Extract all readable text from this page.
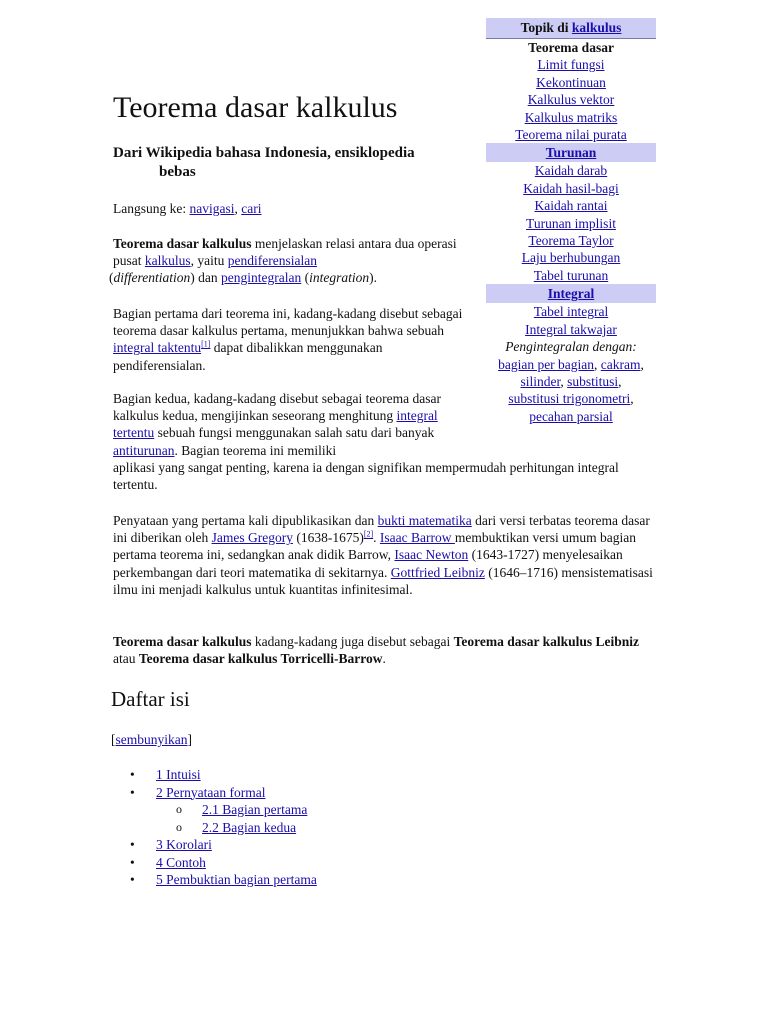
Topik di kalkulus
Teorema dasar
Limit fungsi
Kekontinuan
Kalkulus vektor
Kalkulus matriks
Teorema nilai purata
Turunan
Kaidah darab
Kaidah hasil-bagi
Kaidah rantai
Turunan implisit
Teorema Taylor
Laju berhubungan
Tabel turunan
Integral
Tabel integral
Integral takwajar
Pengintegralan dengan:
bagian per bagian, cakram,
silinder, substitusi,
substitusi trigonometri,
pecahan parsial
Teorema dasar kalkulus
Dari Wikipedia bahasa Indonesia, ensiklopedia
bebas
Langsung ke: navigasi, cari

Teorema dasar kalkulus menjelaskan relasi antara dua operasi pusat kalkulus, yaitu pendiferensialan
(differentiation) dan pengintegralan (integration).

Bagian pertama dari teorema ini, kadang-kadang disebut sebagai teorema dasar kalkulus pertama, menunjukkan bahwa sebuah integral taktentu[1] dapat dibalikkan menggunakan pendiferensialan.

Bagian kedua, kadang-kadang disebut sebagai teorema dasar kalkulus kedua, mengijinkan seseorang menghitung integral tertentu sebuah fungsi menggunakan salah satu dari banyak antiturunan. Bagian teorema ini memiliki
aplikasi yang sangat penting, karena ia dengan signifikan mempermudah perhitungan integral tertentu.

Penyataan yang pertama kali dipublikasikan dan bukti matematika dari versi terbatas teorema dasar ini diberikan oleh James Gregory (1638-1675)[2]. Isaac Barrow membuktikan versi umum bagian pertama teorema ini, sedangkan anak didik Barrow, Isaac Newton (1643-1727) menyelesaikan perkembangan dari teori matematika di sekitarnya. Gottfried Leibniz (1646–1716) mensistematisasi ilmu ini menjadi kalkulus untuk kuantitas infinitesimal.

Teorema dasar kalkulus kadang-kadang juga disebut sebagai Teorema dasar kalkulus Leibniz atau Teorema dasar kalkulus Torricelli-Barrow.

Daftar isi
[sembunyikan]
•	1 Intuisi
•	2 Pernyataan formal
o	2.1 Bagian pertama
o	2.2 Bagian kedua
•	3 Korolari
•	4 Contoh
•	5 Pembuktian bagian pertama
